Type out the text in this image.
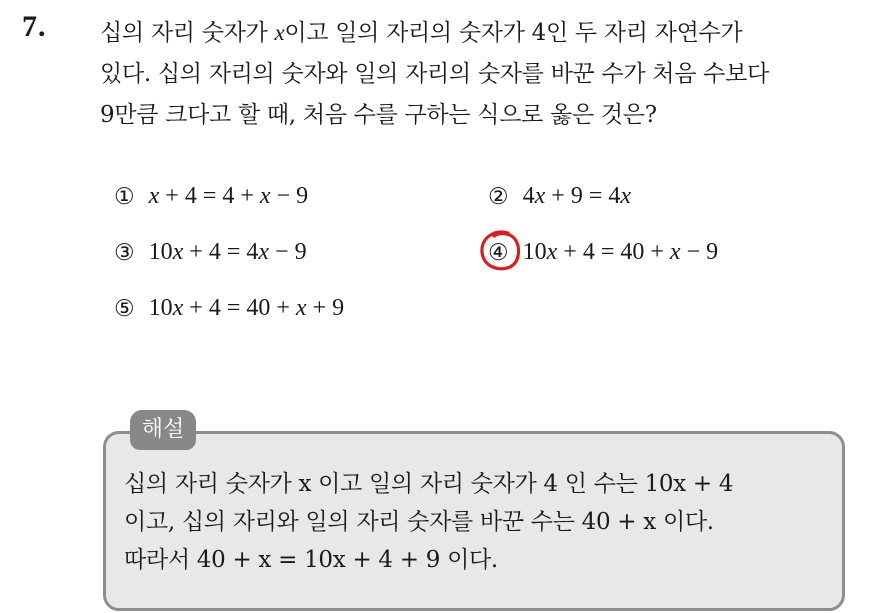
7. 십의 자리 숫자가 x이고 일의 자리의 숫자가 4인 두 자리 자연수가
있다. 십의 자리의 숫자와 일의 자리의 숫자를 바꾼 수가 처음 수보다
9만큼 크다고 할 때, 처음 수를 구하는 식으로 옳은 것은?
① x + 4 = 4 + x − 9	② 4x + 9 = 4x
③ 10x + 4 = 4x − 9	④ 10x + 4 = 40 + x − 9
⑤ 10x + 4 = 40 + x + 9
해설
십의 자리 숫자가 x 이고 일의 자리 숫자가 4 인 수는 10x + 4
이고, 십의 자리와 일의 자리 숫자를 바꾼 수는 40 + x 이다.
따라서 40 + x = 10x + 4 + 9 이다.
